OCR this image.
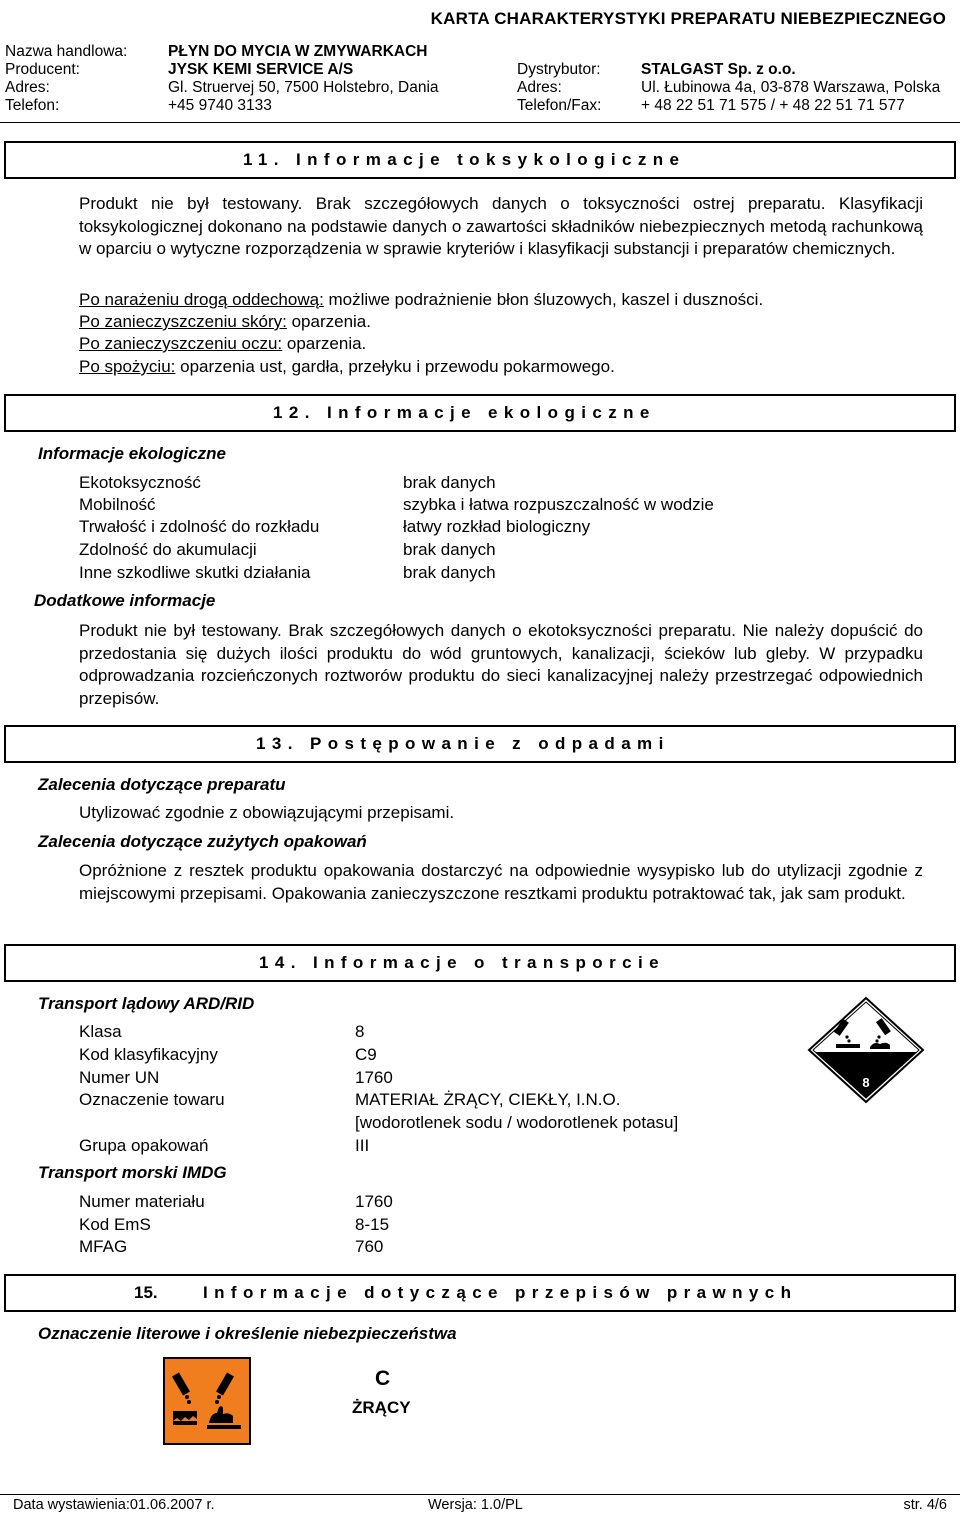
KARTA CHARAKTERYSTYKI PREPARATU NIEBEZPIECZNEGO
Nazwa handlowa:	PŁYN DO MYCIA W ZMYWARKACH
Producent:	JYSK KEMI SERVICE A/S	Dystrybutor:	STALGAST Sp. z o.o.
Adres:	Gl. Struervej 50, 7500 Holstebro, Dania	Adres:	Ul. Łubinowa 4a, 03-878 Warszawa, Polska
Telefon:	+45 9740 3133	Telefon/Fax:	+ 48 22 51 71 575 / + 48 22 51 71 577
11. Informacje toksykologiczne
Produkt nie był testowany. Brak szczegółowych danych o toksyczności ostrej preparatu. Klasyfikacji toksykologicznej dokonano na podstawie danych o zawartości składników niebezpiecznych metodą rachunkową w oparciu o wytyczne rozporządzenia w sprawie kryteriów i klasyfikacji substancji i preparatów chemicznych.
Po narażeniu drogą oddechową: możliwe podrażnienie błon śluzowych, kaszel i duszności.
Po zanieczyszczeniu skóry: oparzenia.
Po zanieczyszczeniu oczu: oparzenia.
Po spożyciu: oparzenia ust, gardła, przełyku i przewodu pokarmowego.
12. Informacje ekologiczne
Informacje ekologiczne
Ekotoksyczność	brak danych
Mobilność	szybka i łatwa rozpuszczalność w wodzie
Trwałość i zdolność do rozkładu	łatwy rozkład biologiczny
Zdolność do akumulacji	brak danych
Inne szkodliwe skutki działania	brak danych
Dodatkowe informacje
Produkt nie był testowany. Brak szczegółowych danych o ekotoksyczności preparatu. Nie należy dopuścić do przedostania się dużych ilości produktu do wód gruntowych, kanalizacji, ścieków lub gleby. W przypadku odprowadzania rozcieńczonych roztworów produktu do sieci kanalizacyjnej należy przestrzegać odpowiednich przepisów.
13. Postępowanie z odpadami
Zalecenia dotyczące preparatu
Utylizować zgodnie z obowiązującymi przepisami.
Zalecenia dotyczące zużytych opakowań
Opróżnione z resztek produktu opakowania dostarczyć na odpowiednie wysypisko lub do utylizacji zgodnie z miejscowymi przepisami. Opakowania zanieczyszczone resztkami produktu potraktować tak, jak sam produkt.
14. Informacje o transporcie
Transport lądowy ARD/RID
Klasa	8
Kod klasyfikacyjny	C9
Numer UN	1760
Oznaczenie towaru	MATERIAŁ ŻRĄCY, CIEKŁY, I.N.O.
[wodorotlenek sodu / wodorotlenek potasu]
Grupa opakowań	III
Transport morski IMDG
Numer materiału	1760
Kod EmS	8-15
MFAG	760
8
15.	Informacje dotyczące przepisów prawnych
Oznaczenie literowe i określenie niebezpieczeństwa
C
ŻRĄCY
Data wystawienia:01.06.2007 r.	Wersja: 1.0/PL	str. 4/6
